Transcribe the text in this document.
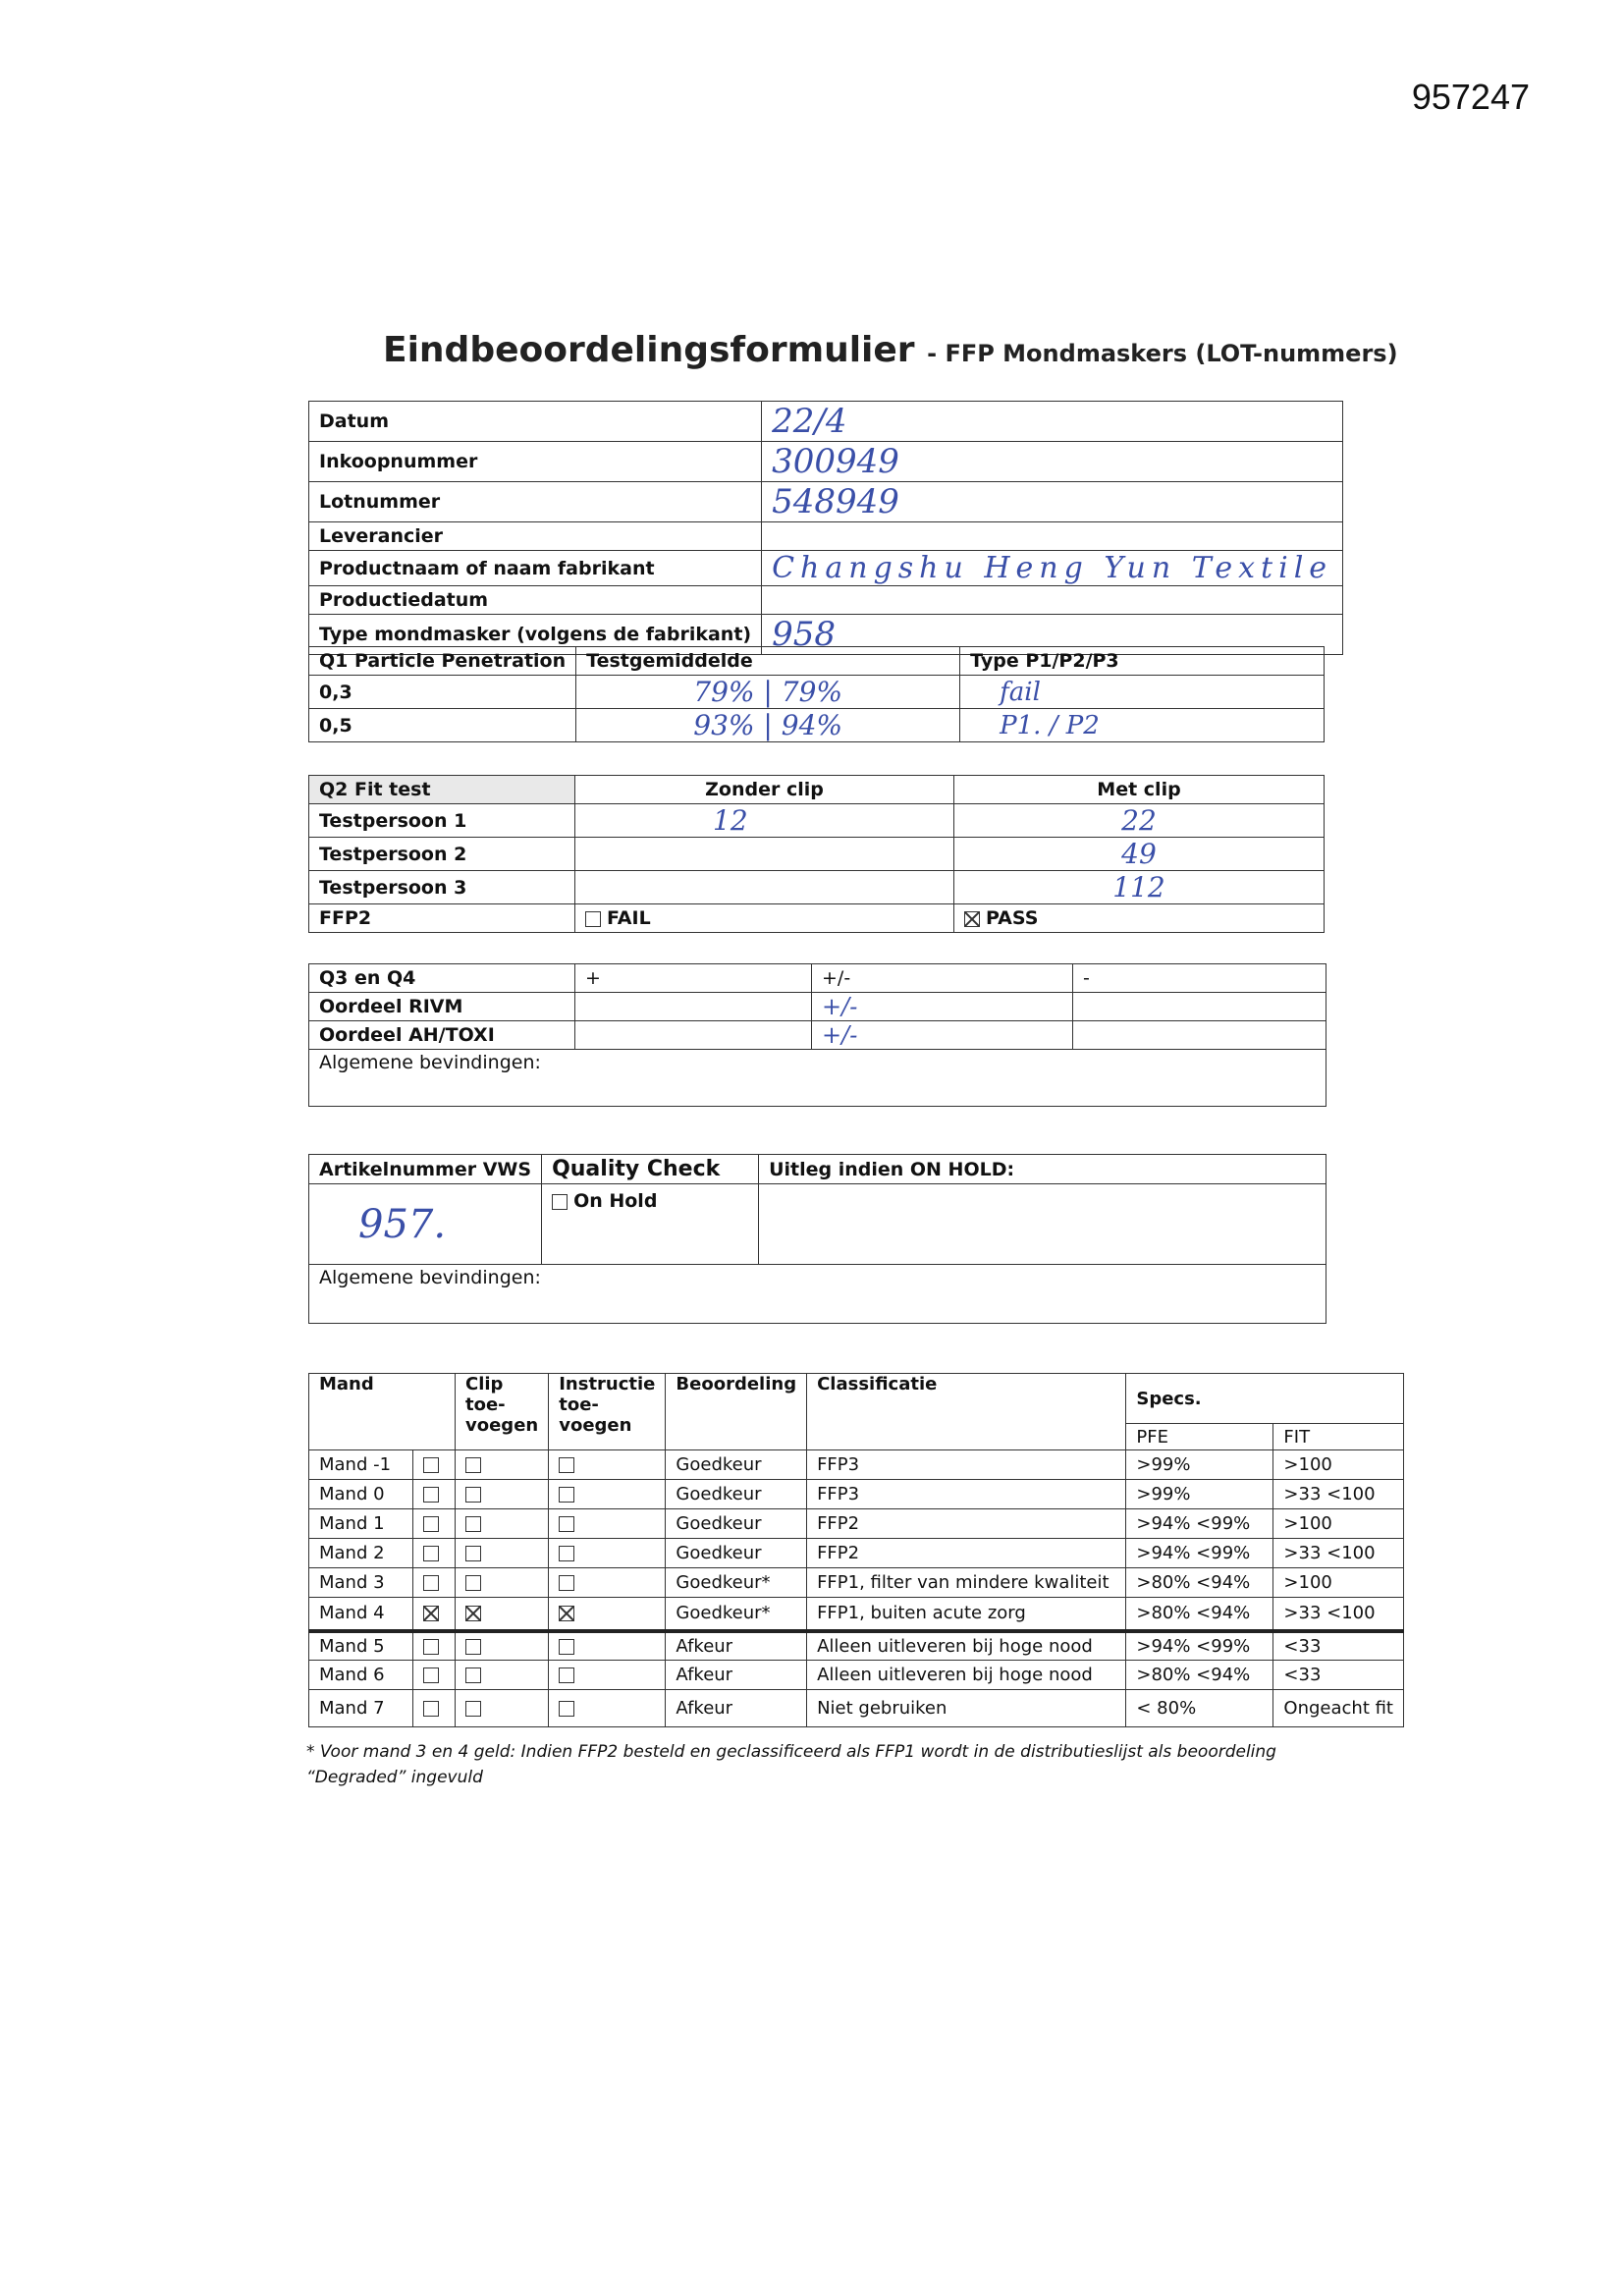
957247
Eindbeoordelingsformulier - FFP Mondmaskers (LOT-nummers)
Datum	22/4
Inkoopnummer	300949
Lotnummer	548949
Leverancier	
Productnaam of naam fabrikant	Changshu Heng Yun Textile
Productiedatum	
Type mondmasker (volgens de fabrikant)	958
Q1 Particle Penetration	Testgemiddelde	Type P1/P2/P3
0,3	79% | 79%	fail
0,5	93% | 94%	P1. / P2
Q2 Fit test	Zonder clip	Met clip
Testpersoon 1	12	22
Testpersoon 2		49
Testpersoon 3		112
FFP2	FAIL	PASS
Q3 en Q4	+	+/-	-
Oordeel RIVM		+/-	
Oordeel AH/TOXI		+/-	
Algemene bevindingen:			
Artikelnummer VWS	Quality Check	Uitleg indien ON HOLD:
957.	On Hold	
Algemene bevindingen:		
Mand		Clip toe-voegen	Instructie toe-voegen	Beoordeling	Classificatie	Specs.	
						PFE	FIT
Mand -1				Goedkeur	FFP3	>99%	>100
Mand 0				Goedkeur	FFP3	>99%	>33 <100
Mand 1				Goedkeur	FFP2	>94% <99%	>100
Mand 2				Goedkeur	FFP2	>94% <99%	>33 <100
Mand 3				Goedkeur*	FFP1, filter van mindere kwaliteit	>80% <94%	>100
Mand 4				Goedkeur*	FFP1, buiten acute zorg	>80% <94%	>33 <100
Mand 5				Afkeur	Alleen uitleveren bij hoge nood	>94% <99%	<33
Mand 6				Afkeur	Alleen uitleveren bij hoge nood	>80% <94%	<33
Mand 7				Afkeur	Niet gebruiken	< 80%	Ongeacht fit
* Voor mand 3 en 4 geld: Indien FFP2 besteld en geclassificeerd als FFP1 wordt in de distributieslijst als beoordeling
“Degraded” ingevuld
